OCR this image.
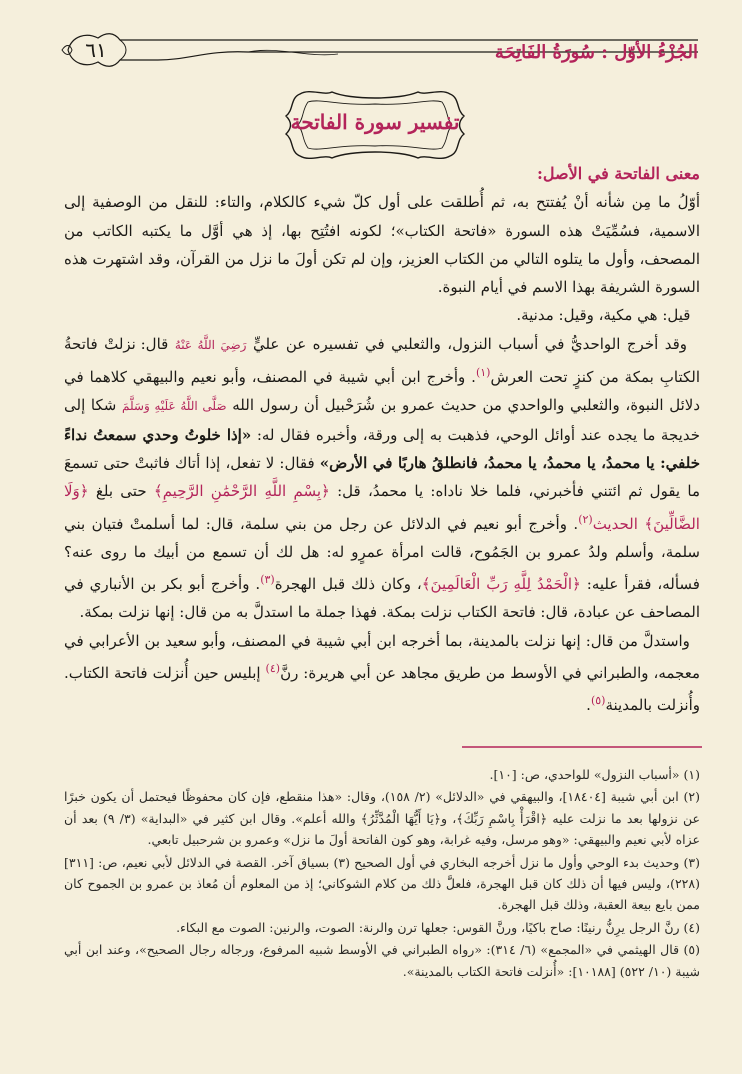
٦١	الجُزْءُ الأوّل : سُورَةُ الفَاتِحَة
تفسير سورة الفاتحة

معنى الفاتحة في الأصل:

أوّلُ ما مِن شأنه أنْ يُفتتح به، ثم أُطلقت على أول كلّ شيء كالكلام، والتاء: للنقل من الوصفية إلى الاسمية، فسُمِّيَتْ هذه السورة «فاتحة الكتاب»؛ لكونه افتُتِح بها، إذ هي أوَّل ما يكتبه الكاتب من المصحف، وأول ما يتلوه التالي من الكتاب العزيز، وإن لم تكن أولَ ما نزل من القرآن، وقد اشتهرت هذه السورة الشريفة بهذا الاسم في أيام النبوة.

قيل: هي مكية، وقيل: مدنية.

وقد أخرج الواحديُّ في أسباب النزول، والثعلبي في تفسيره عن عليٍّ رَضِيَ اللَّهُ عَنْهُ قال: نزلتْ فاتحةُ الكتابِ بمكة من كنزٍ تحت العرش$^{(١)}$. وأخرج ابن أبي شيبة في المصنف، وأبو نعيم والبيهقي كلاهما في دلائل النبوة، والثعلبي والواحدي من حديث عمرو بن شُرَحْبيل أن رسول الله صَلَّى اللَّهُ عَلَيْهِ وَسَلَّمَ شكا إلى خديجة ما يجده عند أوائل الوحي، فذهبت به إلى ورقة، وأخبره فقال له: «إذا خلوتُ وحدي سمعتُ نداءً خلفي: يا محمدُ، يا محمدُ، يا محمدُ، فانطلقُ هاربًا في الأرض» فقال: لا تفعل، إذا أتاك فاثبتْ حتى تسمعَ ما يقول ثم ائتني فأخبرني، فلما خلا ناداه: يا محمدُ، قل: ﴿بِسْمِ اللَّهِ الرَّحْمَٰنِ الرَّحِيمِ﴾ حتى بلغ ﴿وَلَا الضَّالِّينَ﴾ الحديث$^{(٢)}$. وأخرج أبو نعيم في الدلائل عن رجل من بني سلمة، قال: لما أسلمتْ فتيان بني سلمة، وأسلم ولدُ عمرو بن الجَمُوح، قالت امرأة عمرٍو له: هل لك أن تسمع من أبيك ما روى عنه؟ فسأله، فقرأ عليه: ﴿الْحَمْدُ لِلَّهِ رَبِّ الْعَالَمِينَ﴾، وكان ذلك قبل الهجرة$^{(٣)}$. وأخرج أبو بكر بن الأنباري في المصاحف عن عبادة، قال: فاتحة الكتاب نزلت بمكة. فهذا جملة ما استدلَّ به من قال: إنها نزلت بمكة.

واستدلَّ من قال: إنها نزلت بالمدينة، بما أخرجه ابن أبي شيبة في المصنف، وأبو سعيد بن الأعرابي في معجمه، والطبراني في الأوسط من طريق مجاهد عن أبي هريرة: رنَّ$^{(٤)}$ إبليس حين أُنزلت فاتحة الكتاب. وأُنزلت بالمدينة$^{(٥)}$.

(١) «أسباب النزول» للواحدي، ص: [١٠].

(٢) ابن أبي شيبة [١٨٤٠٤]، والبيهقي في «الدلائل» (٢/ ١٥٨)، وقال: «هذا منقطع، فإن كان محفوظًا فيحتمل أن يكون خبرًا عن نزولها بعد ما نزلت عليه ﴿اقْرَأْ بِاسْمِ رَبِّكَ﴾، و﴿يَا أَيُّهَا الْمُدَّثِّرُ﴾ والله أعلم». وقال ابن كثير في «البداية» (٣/ ٩) بعد أن عزاه لأبي نعيم والبيهقي: «وهو مرسل، وفيه غرابة، وهو كون الفاتحة أولَ ما نزل» وعمرو بن شرحبيل تابعي.

(٣) وحديث بدء الوحي وأول ما نزل أخرجه البخاري في أول الصحيح (٣) بسياق آخر. القصة في الدلائل لأبي نعيم، ص: [٣١١] (٢٢٨)، وليس فيها أن ذلك كان قبل الهجرة، فلعلَّ ذلك من كلام الشوكاني؛ إذ من المعلوم أن مُعاذ بن عمرو بن الجموح كان ممن بايع بيعة العقبة، وذلك قبل الهجرة.

(٤) رنَّ الرجل يرِنُّ رنينًا: صاح باكيًا، ورنَّ القوس: جعلها ترن والرنة: الصوت، والرنين: الصوت مع البكاء.

(٥) قال الهيثمي في «المجمع» (٦/ ٣١٤): «رواه الطبراني في الأوسط شبيه المرفوع، ورجاله رجال الصحيح»، وعند ابن أبي شيبة (١٠/ ٥٢٢) [١٠١٨٨]: «أُنزلت فاتحة الكتاب بالمدينة».
